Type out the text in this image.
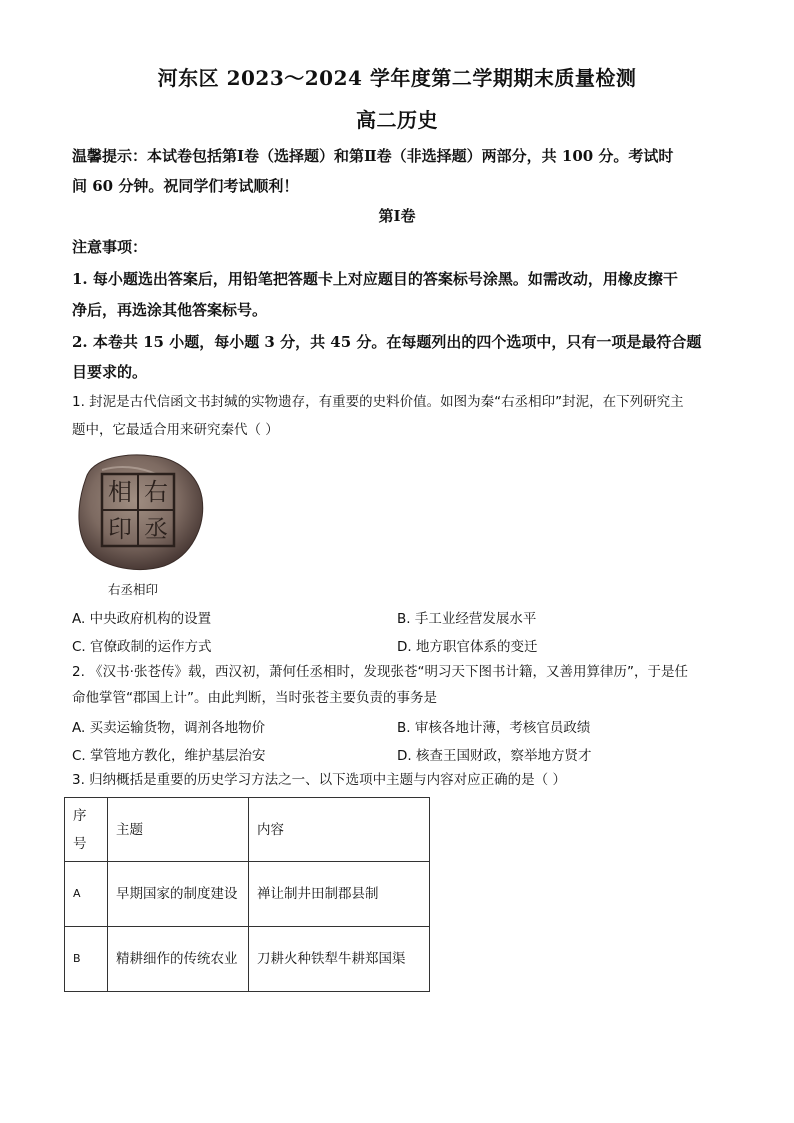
河东区 2023～2024 学年度第二学期期末质量检测
高二历史
温馨提示：本试卷包括第Ⅰ卷（选择题）和第Ⅱ卷（非选择题）两部分，共 100 分。考试时
间 60 分钟。祝同学们考试顺利！
第Ⅰ卷
注意事项：
1. 每小题选出答案后，用铅笔把答题卡上对应题目的答案标号涂黑。如需改动，用橡皮擦干
净后，再选涂其他答案标号。
2. 本卷共 15 小题，每小题 3 分，共 45 分。在每题列出的四个选项中，只有一项是最符合题
目要求的。
1. 封泥是古代信函文书封缄的实物遗存，有重要的史料价值。如图为秦“右丞相印”封泥，在下列研究主
题中，它最适合用来研究秦代（ ）
右
丞
相
印
右丞相印
A. 中央政府机构的设置	B. 手工业经营发展水平
C. 官僚政制的运作方式	D. 地方职官体系的变迁
2. 《汉书·张苍传》载，西汉初，萧何任丞相时，发现张苍“明习天下图书计籍，又善用算律历”，于是任
命他掌管“郡国上计”。由此判断，当时张苍主要负责的事务是
A. 买卖运输货物，调剂各地物价	B. 审核各地计薄，考核官员政绩
C. 掌管地方教化，维护基层治安	D. 核查王国财政，察举地方贤才
3. 归纳概括是重要的历史学习方法之一、以下选项中主题与内容对应正确的是（ ）
序号	主题	内容
A	早期国家的制度建设	禅让制井田制郡县制
B	精耕细作的传统农业	刀耕火种铁犁牛耕郑国渠
